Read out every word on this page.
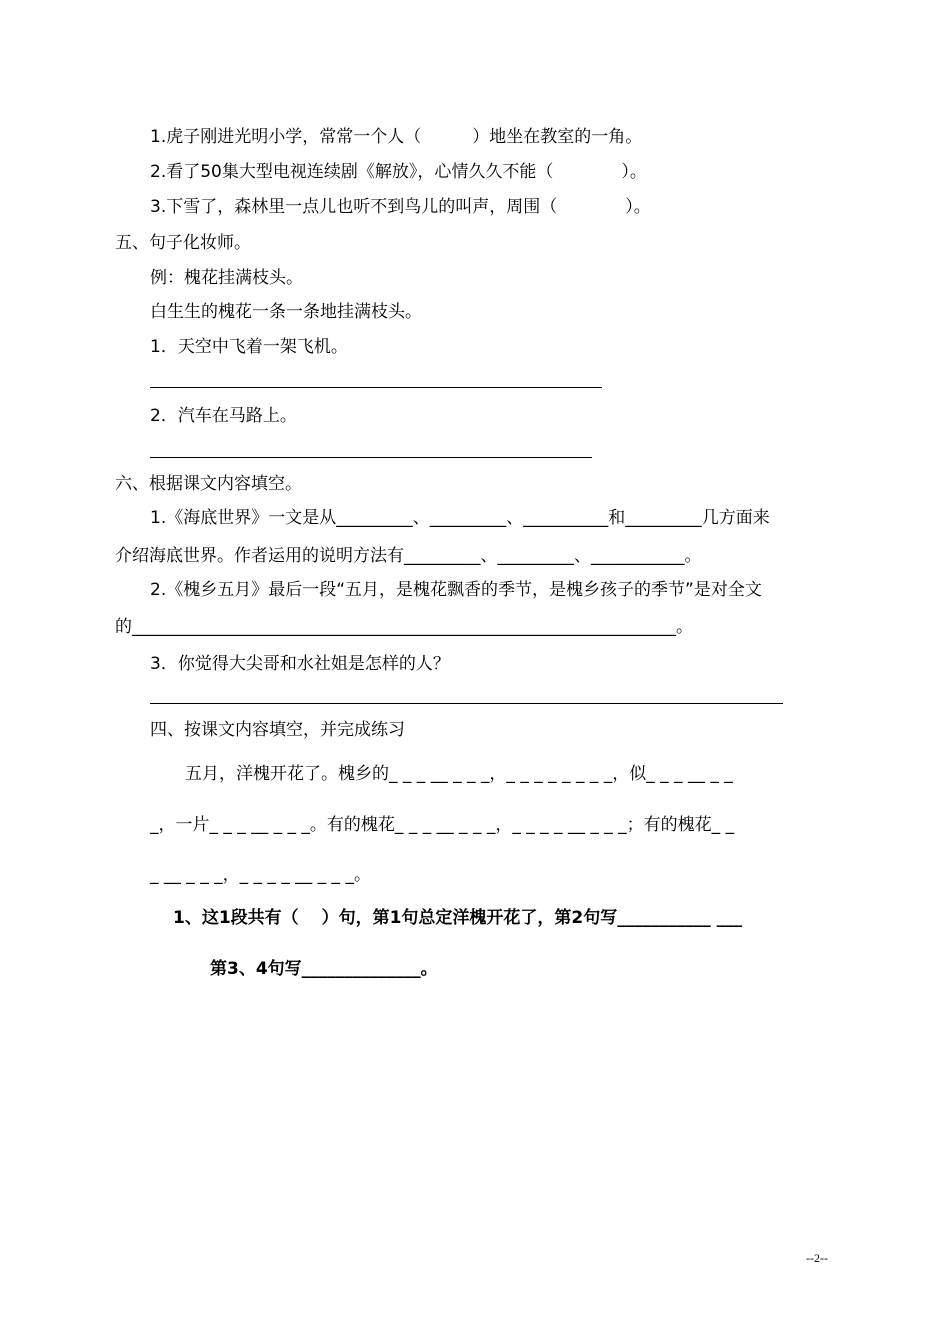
1.虎子刚进光明小学，常常一个人（　　　）地坐在教室的一角。
2.看了50集大型电视连续剧《解放》，心情久久不能（　　　　）。
3.下雪了，森林里一点儿也听不到鸟儿的叫声，周围（　　　　）。
五、句子化妆师。
例：槐花挂满枝头。
白生生的槐花一条一条地挂满枝头。
1．天空中飞着一架飞机。
2．汽车在马路上。
六、根据课文内容填空。
1.《海底世界》一文是从_________、_________、__________和_________几方面来
介绍海底世界。作者运用的说明方法有_________、_________、___________。
2.《槐乡五月》最后一段“五月，是槐花飘香的季节，是槐乡孩子的季节”是对全文
的________________________________________________________________。
3．你觉得大尖哥和水社姐是怎样的人？
四、按课文内容填空，并完成练习
五月，洋槐开花了。槐乡的_ _ _ __ _ _ _，_ _ _ _ _ _ _ _，似_ _ _ __ _ _
_，一片_ _ _ __ _ _ _。有的槐花_ _ _ __ _ _ _，_ _ _ _ __ _ _ _；有的槐花_ _
_ __ _ _ _，_ _ _ _ __ _ _ _。
1、这1段共有（　 ）句，第1句总定洋槐开花了，第2句写___________ ___
第3、4句写______________。
--2--
